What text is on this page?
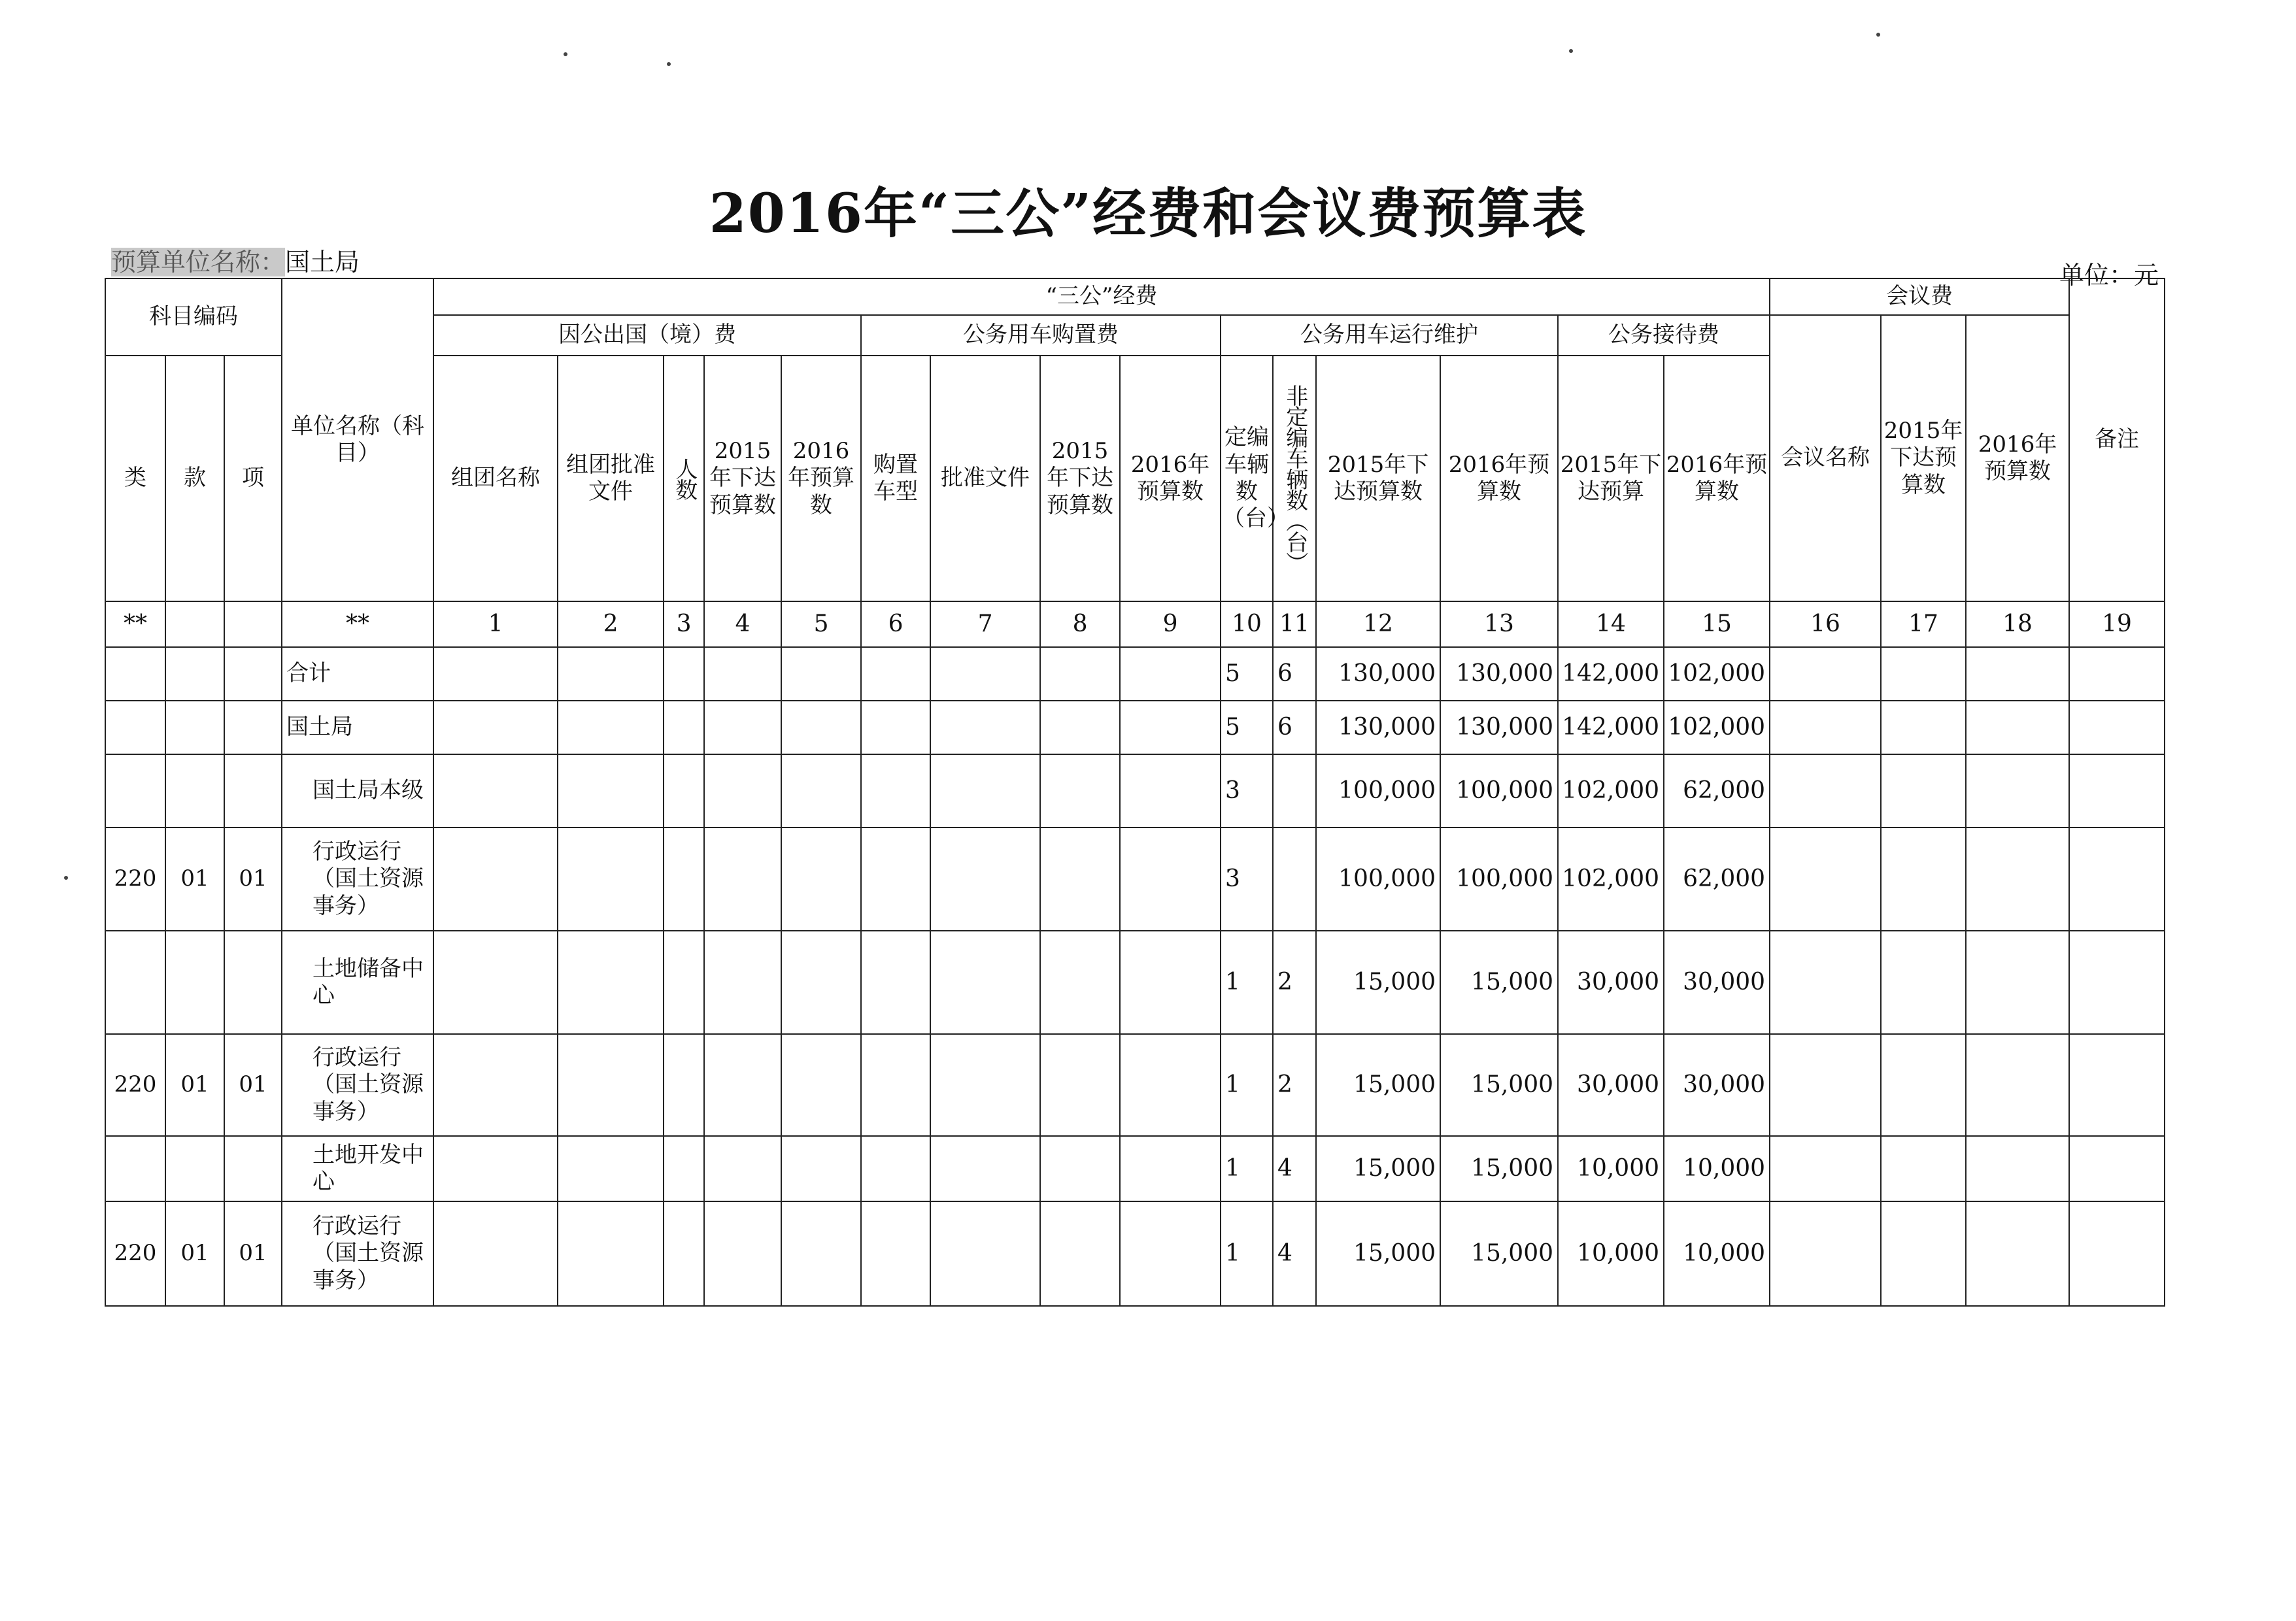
2016年“三公”经费和会议费预算表
预算单位名称：国土局	单位：元
科目编码			单位名称（科目）	“三公”经费															会议费			备注
				因公出国（境）费					公务用车购置费				公务用车运行维护				公务接待费		会议名称	2015年下达预算数	2016年预算数	
类	款	项		组团名称	组团批准文件	人数	2015年下达预算数	2016年预算数	购置车型	批准文件	2015年下达预算数	2016年预算数	定编车辆数（台）	非定编车辆数（台）	2015年下达预算数	2016年预算数	2015年下达预算	2016年预算数				

**			**	1	2	3	4	5	6	7	8	9	10	11	12	13	14	15	16	17	18	19
			合计										5	6	130,000	130,000	142,000	102,000				
			国土局										5	6	130,000	130,000	142,000	102,000				

			国土局本级										3		100,000	100,000	102,000	62,000				
220	01	01	行政运行（国土资源事务）										3		100,000	100,000	102,000	62,000				

			土地储备中心										1	2	15,000	15,000	30,000	30,000				
220	01	01	行政运行（国土资源事务）										1	2	15,000	15,000	30,000	30,000				

			土地开发中心										1	4	15,000	15,000	10,000	10,000				
220	01	01	行政运行（国土资源事务）										1	4	15,000	15,000	10,000	10,000				
